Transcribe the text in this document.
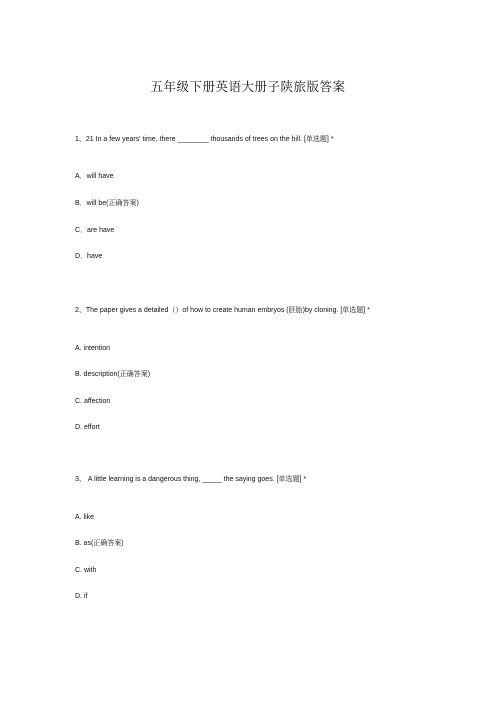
五年级下册英语大册子陕旅版答案
1、21 In a few years' time, there ________ thousands of trees on the hill. [单选题] *
A．will have
B．will be(正确答案)
C．are have
D．have
2、The paper gives a detailed（）of how to create human embryos (胚胎)by cloning. [单选题] *
A. intention
B. description(正确答案)
C. affection
D. effort
3、 A little learning is a dangerous thing, _____ the saying goes. [单选题] *
A. like
B. as(正确答案)
C. with
D. if
